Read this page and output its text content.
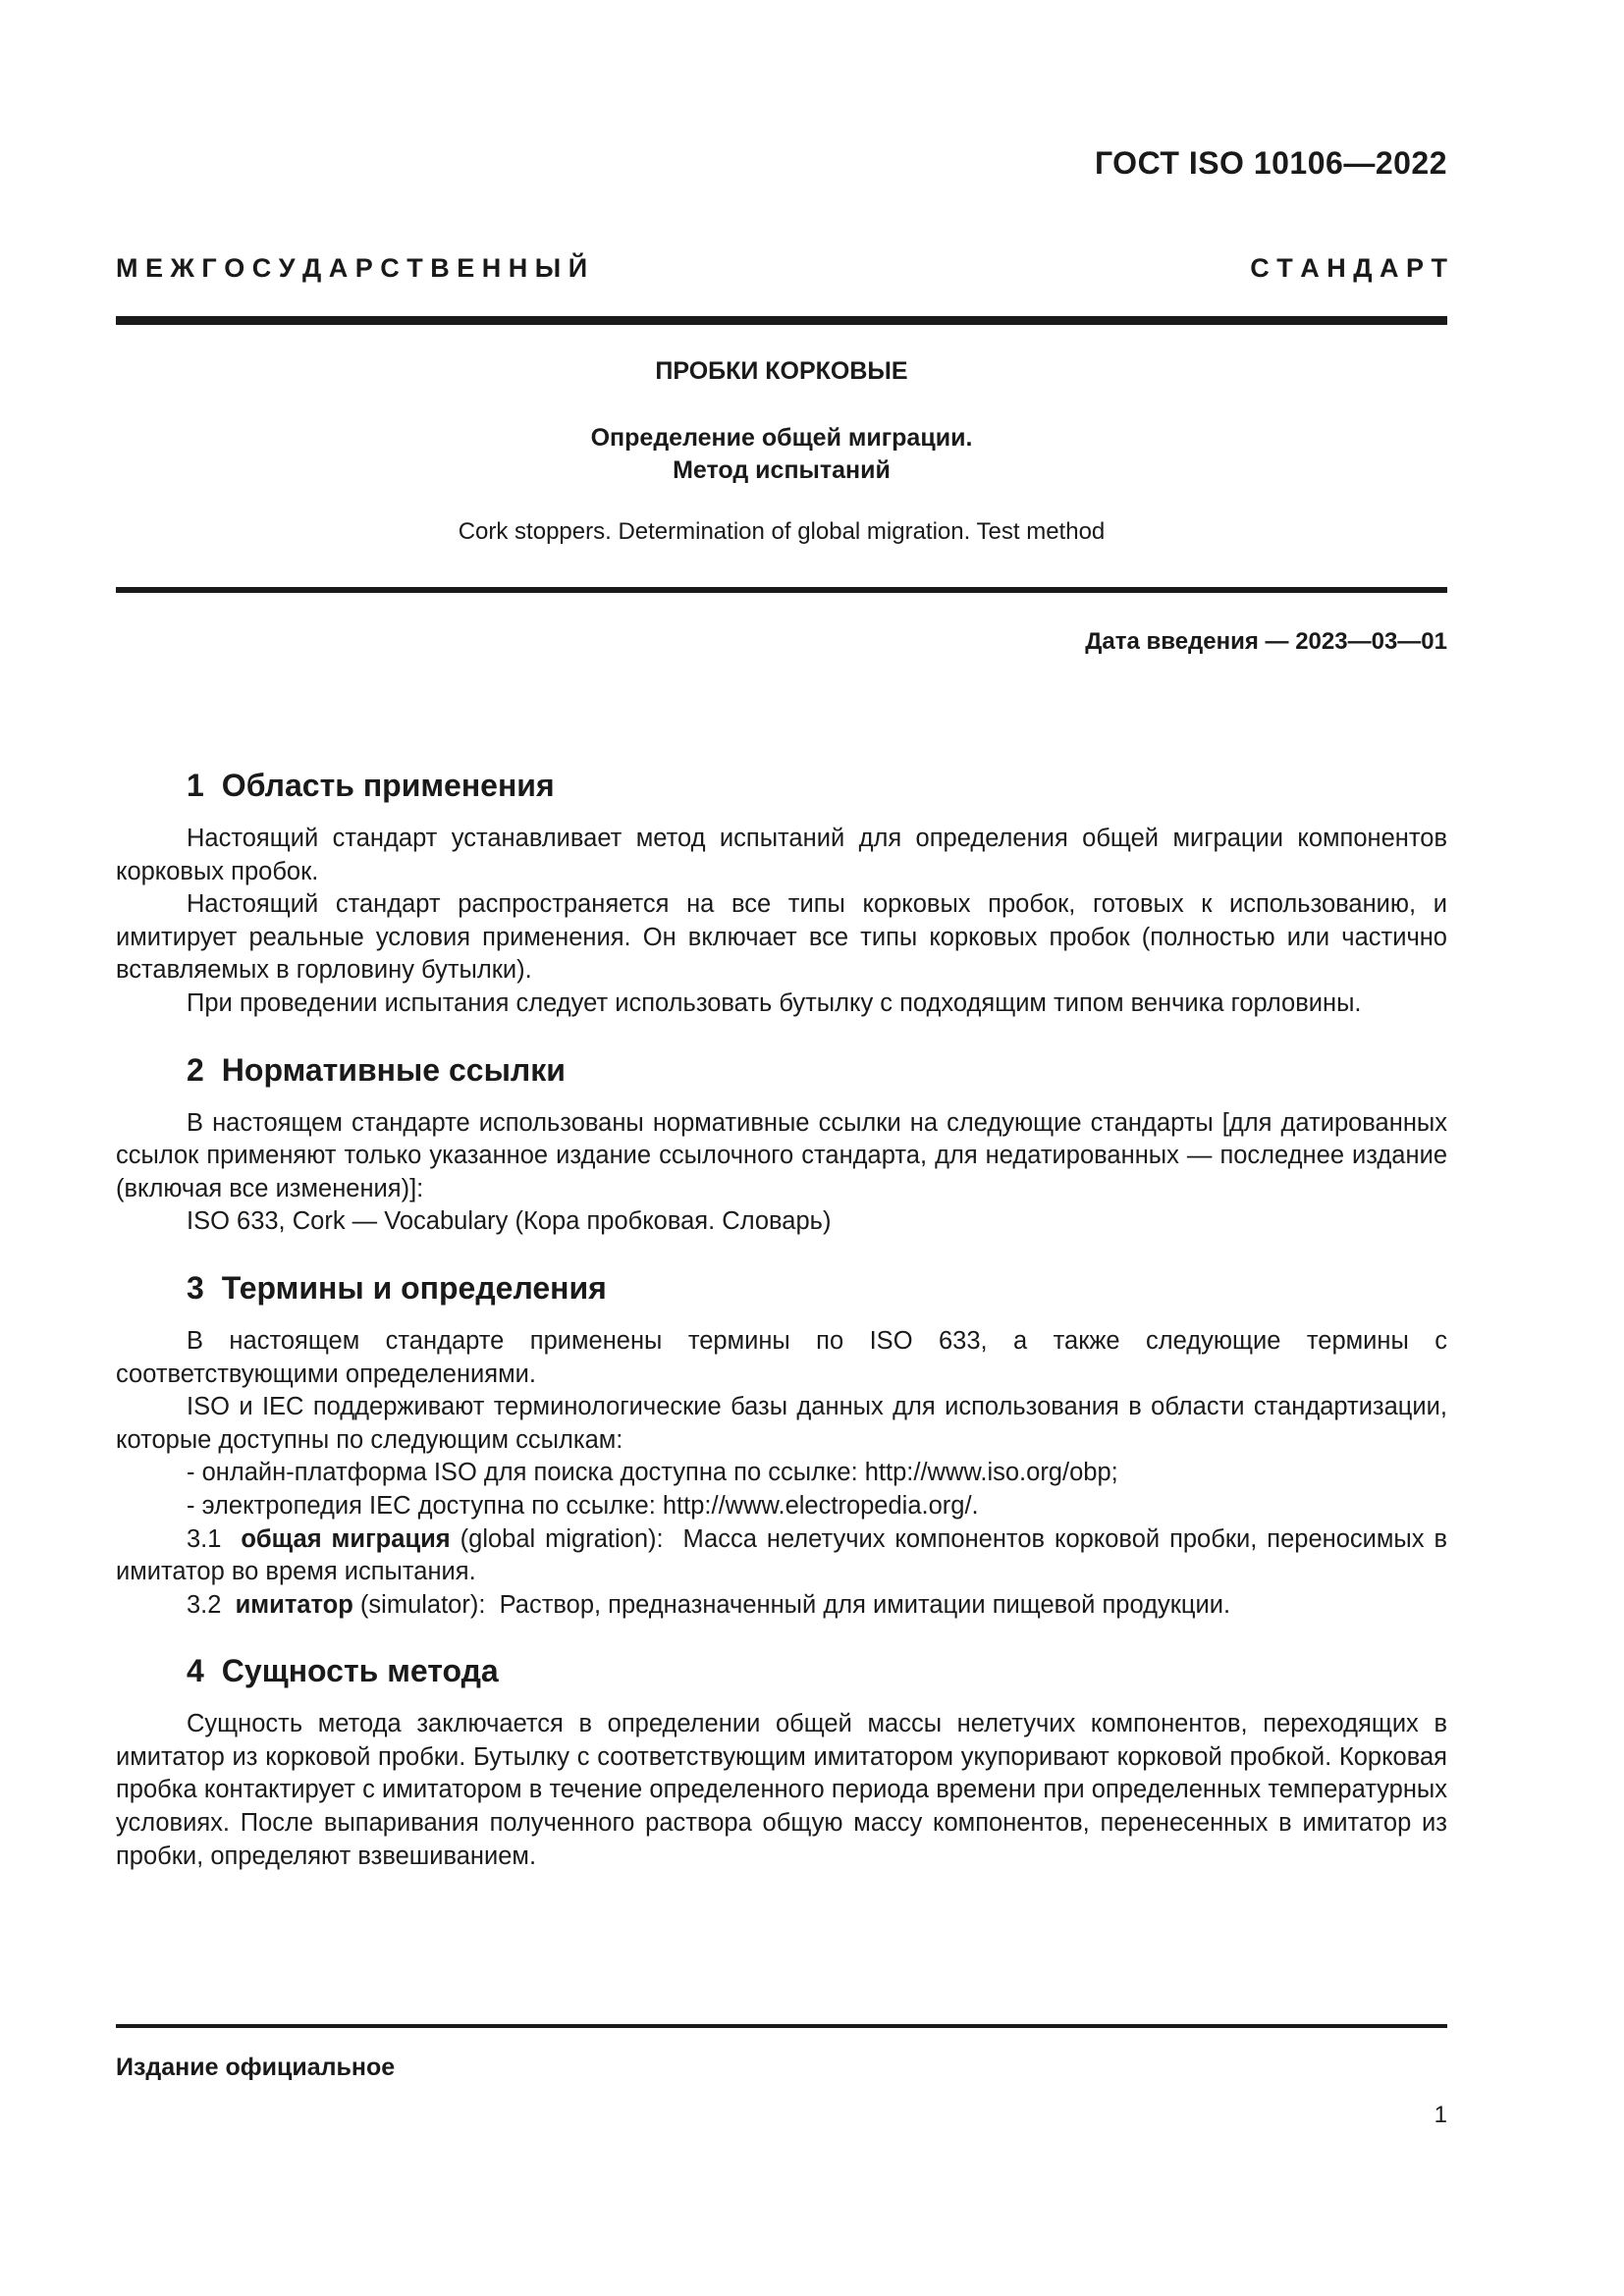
ГОСТ ISO 10106—2022
М Е Ж Г О С У Д А Р С Т В Е Н Н Ы Й	С Т А Н Д А Р Т
ПРОБКИ КОРКОВЫЕ
Определение общей миграции.
Метод испытаний
Cork stoppers. Determination of global migration. Test method
Дата введения — 2023—03—01
1 Область применения

Настоящий стандарт устанавливает метод испытаний для определения общей миграции компонентов корковых пробок.

Настоящий стандарт распространяется на все типы корковых пробок, готовых к использованию, и имитирует реальные условия применения. Он включает все типы корковых пробок (полностью или частично вставляемых в горловину бутылки).

При проведении испытания следует использовать бутылку с подходящим типом венчика горловины.

2 Нормативные ссылки

В настоящем стандарте использованы нормативные ссылки на следующие стандарты [для датированных ссылок применяют только указанное издание ссылочного стандарта, для недатированных — последнее издание (включая все изменения)]:

ISO 633, Cork — Vocabulary (Кора пробковая. Словарь)

3 Термины и определения

В настоящем стандарте применены термины по ISO 633, а также следующие термины с соответствующими определениями.

ISO и IEC поддерживают терминологические базы данных для использования в области стандартизации, которые доступны по следующим ссылкам:

- онлайн-платформа ISO для поиска доступна по ссылке: http://www.iso.org/obp;

- электропедия IEC доступна по ссылке: http://www.electropedia.org/.

3.1 общая миграция (global migration): Масса нелетучих компонентов корковой пробки, переносимых в имитатор во время испытания.

3.2 имитатор (simulator): Раствор, предназначенный для имитации пищевой продукции.

4 Сущность метода

Сущность метода заключается в определении общей массы нелетучих компонентов, переходящих в имитатор из корковой пробки. Бутылку с соответствующим имитатором укупоривают корковой пробкой. Корковая пробка контактирует с имитатором в течение определенного периода времени при определенных температурных условиях. После выпаривания полученного раствора общую массу компонентов, перенесенных в имитатор из пробки, определяют взвешиванием.

Издание официальное
1
